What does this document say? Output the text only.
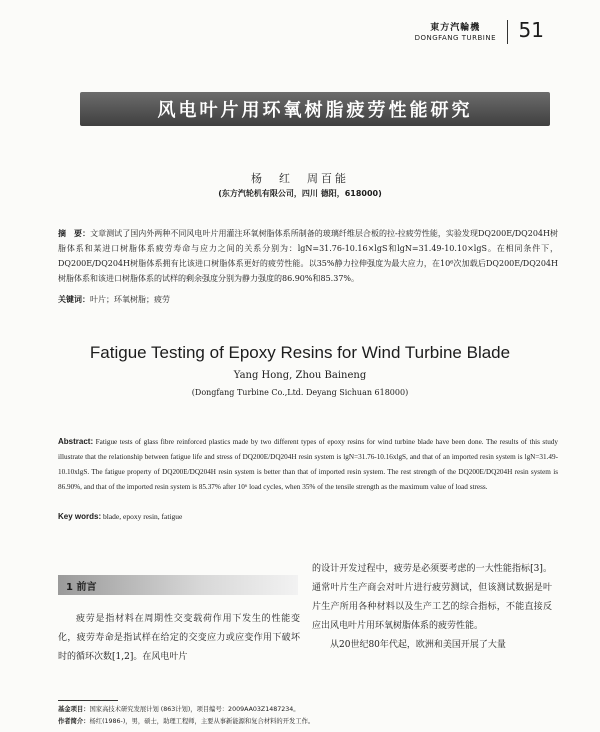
東方汽輪機
DONGFANG TURBINE 51
风电叶片用环氧树脂疲劳性能研究
杨　红　周百能
(东方汽轮机有限公司，四川 德阳，618000)
摘　要：文章测试了国内外两种不同风电叶片用灌注环氧树脂体系所制备的玻璃纤维层合板的拉-拉疲劳性能，实验发现DQ200E/DQ204H树脂体系和某进口树脂体系疲劳寿命与应力之间的关系分别为：lgN=31.76-10.16×lgS和lgN=31.49-10.10×lgS。在相同条件下，DQ200E/DQ204H树脂体系拥有比该进口树脂体系更好的疲劳性能。以35%静力拉伸强度为最大应力，在10⁶次加载后DQ200E/DQ204H树脂体系和该进口树脂体系的试样的剩余强度分别为静力强度的86.90%和85.37%。
关键词：叶片；环氧树脂；疲劳
Fatigue Testing of Epoxy Resins for Wind Turbine Blade
Yang Hong, Zhou Baineng
(Dongfang Turbine Co.,Ltd. Deyang Sichuan 618000)
Abstract: Fatigue tests of glass fibre reinforced plastics made by two different types of epoxy resins for wind turbine blade have been done. The results of this study illustrate that the relationship between fatigue life and stress of DQ200E/DQ204H resin system is lgN=31.76-10.16xlgS, and that of an imported resin system is lgN=31.49- 10.10xlgS. The fatigue property of DQ200E/DQ204H resin system is better than that of imported resin system. The rest strength of the DQ200E/DQ204H resin system is 86.90%, and that of the imported resin system is 85.37% after 10⁶ load cycles, when 35% of the tensile strength as the maximum value of load stress.
Key words: blade, epoxy resin, fatigue
1 前言

疲劳是指材料在周期性交变载荷作用下发生的性能变化，疲劳寿命是指试样在给定的交变应力或应变作用下破坏时的循环次数[1,2]。在风电叶片

的设计开发过程中，疲劳是必须要考虑的一大性能指标[3]。通常叶片生产商会对叶片进行疲劳测试，但该测试数据是叶片生产所用各种材料以及生产工艺的综合指标，不能直接反应出风电叶片用环氧树脂体系的疲劳性能。

从20世纪80年代起，欧洲和美国开展了大量

基金项目：国家高技术研究发展计划 (863计划)，项目编号：2009AA03Z1487234。
作者简介：杨红(1986-)，男，硕士，助理工程师，主要从事新能源和复合材料的开发工作。
